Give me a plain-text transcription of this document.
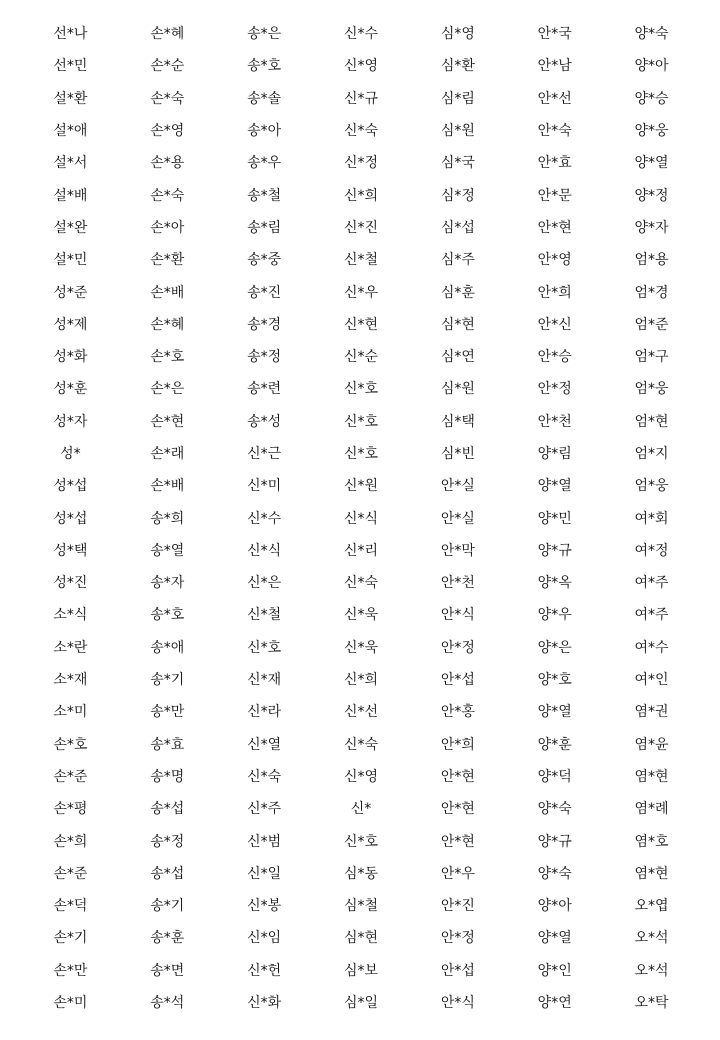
선*나	손*혜	송*은	신*수	심*영	안*국	양*숙
선*민	손*순	송*호	신*영	심*환	안*남	양*아
설*환	손*숙	송*솔	신*규	심*림	안*선	양*승
설*애	손*영	송*아	신*숙	심*원	안*숙	양*웅
설*서	손*용	송*우	신*정	심*국	안*효	양*열
설*배	손*숙	송*철	신*희	심*정	안*문	양*정
설*완	손*아	송*림	신*진	심*섭	안*현	양*자
설*민	손*환	송*중	신*철	심*주	안*영	엄*용
성*준	손*배	송*진	신*우	심*훈	안*희	엄*경
성*제	손*혜	송*경	신*현	심*현	안*신	엄*준
성*화	손*호	송*정	신*순	심*연	안*승	엄*구
성*훈	손*은	송*련	신*호	심*원	안*정	엄*웅
성*자	손*현	송*성	신*호	심*택	안*천	엄*현
성*	손*래	신*근	신*호	심*빈	양*림	엄*지
성*섭	손*배	신*미	신*원	안*실	양*열	엄*웅
성*섭	송*희	신*수	신*식	안*실	양*민	여*회
성*택	송*열	신*식	신*리	안*막	양*규	여*정
성*진	송*자	신*은	신*숙	안*천	양*옥	여*주
소*식	송*호	신*철	신*욱	안*식	양*우	여*주
소*란	송*애	신*호	신*욱	안*정	양*은	여*수
소*재	송*기	신*재	신*희	안*섭	양*호	여*인
소*미	송*만	신*라	신*선	안*홍	양*열	염*권
손*호	송*효	신*열	신*숙	안*희	양*훈	염*윤
손*준	송*명	신*숙	신*영	안*현	양*덕	염*현
손*평	송*섭	신*주	신*	안*현	양*숙	염*례
손*희	송*정	신*범	신*호	안*현	양*규	염*호
손*준	송*섭	신*일	심*동	안*우	양*숙	염*현
손*덕	송*기	신*봉	심*철	안*진	양*아	오*엽
손*기	송*훈	신*임	심*현	안*정	양*열	오*석
손*만	송*면	신*헌	심*보	안*섭	양*인	오*석
손*미	송*석	신*화	심*일	안*식	양*연	오*탁
